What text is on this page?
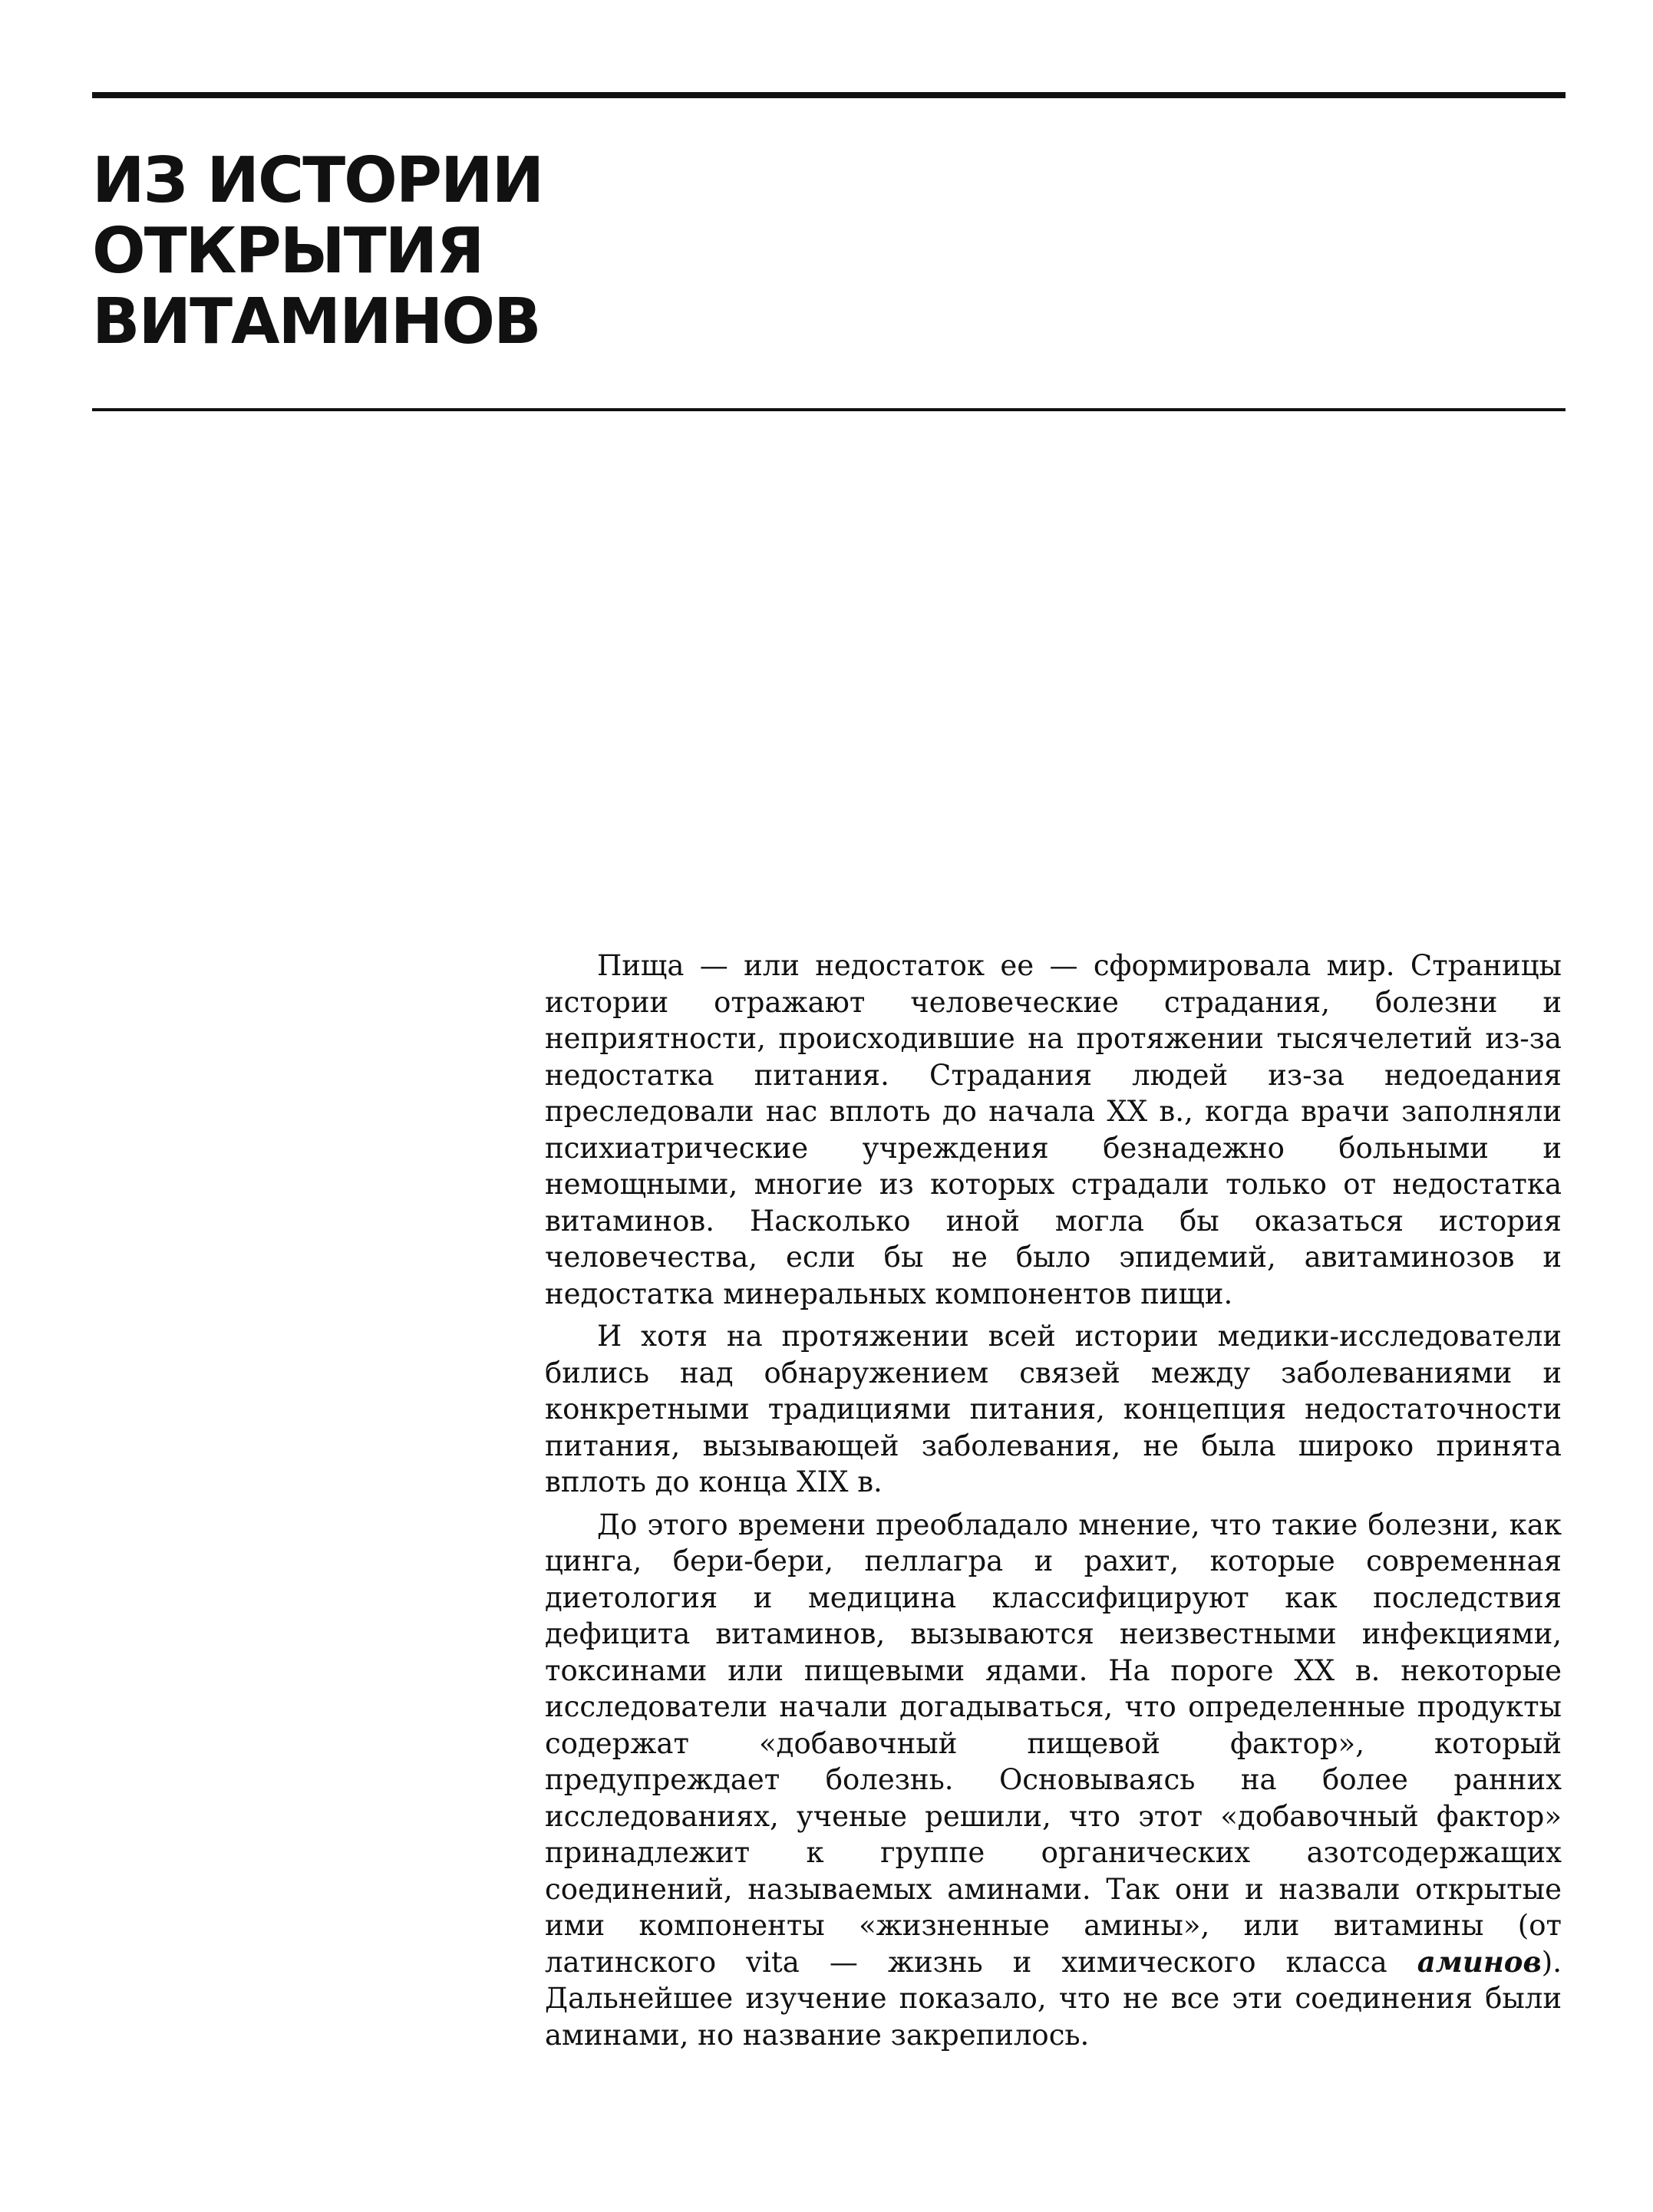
ИЗ ИСТОРИИ
ОТКРЫТИЯ
ВИТАМИНОВ

Пища — или недостаток ее — сформировала мир. Страницы истории отражают человеческие страдания, болезни и неприятности, происходившие на протяжении тысячелетий из-за недостатка питания. Страдания людей из-за недоедания преследовали нас вплоть до начала XX в., когда врачи заполняли психиатрические учреждения безнадежно больными и немощными, многие из которых страдали только от недостатка витаминов. Насколько иной могла бы оказаться история человечества, если бы не было эпидемий, авитаминозов и недостатка минеральных компонентов пищи.

И хотя на протяжении всей истории медики-исследователи бились над обнаружением связей между заболеваниями и конкретными традициями питания, концепция недостаточности питания, вызывающей заболевания, не была широко принята вплоть до конца XIX в.

До этого времени преобладало мнение, что такие болезни, как цинга, бери-бери, пеллагра и рахит, которые современная диетология и медицина классифицируют как последствия дефицита витаминов, вызываются неизвестными инфекциями, токсинами или пищевыми ядами. На пороге XX в. некоторые исследователи начали догадываться, что определенные продукты содержат «добавочный пищевой фактор», который предупреждает болезнь. Основываясь на более ранних исследованиях, ученые решили, что этот «добавочный фактор» принадлежит к группе органических азотсодержащих соединений, называемых аминами. Так они и назвали открытые ими компоненты «жизненные амины», или витамины (от латинского vita — жизнь и химического класса аминов). Дальнейшее изучение показало, что не все эти соединения были аминами, но название закрепилось.
